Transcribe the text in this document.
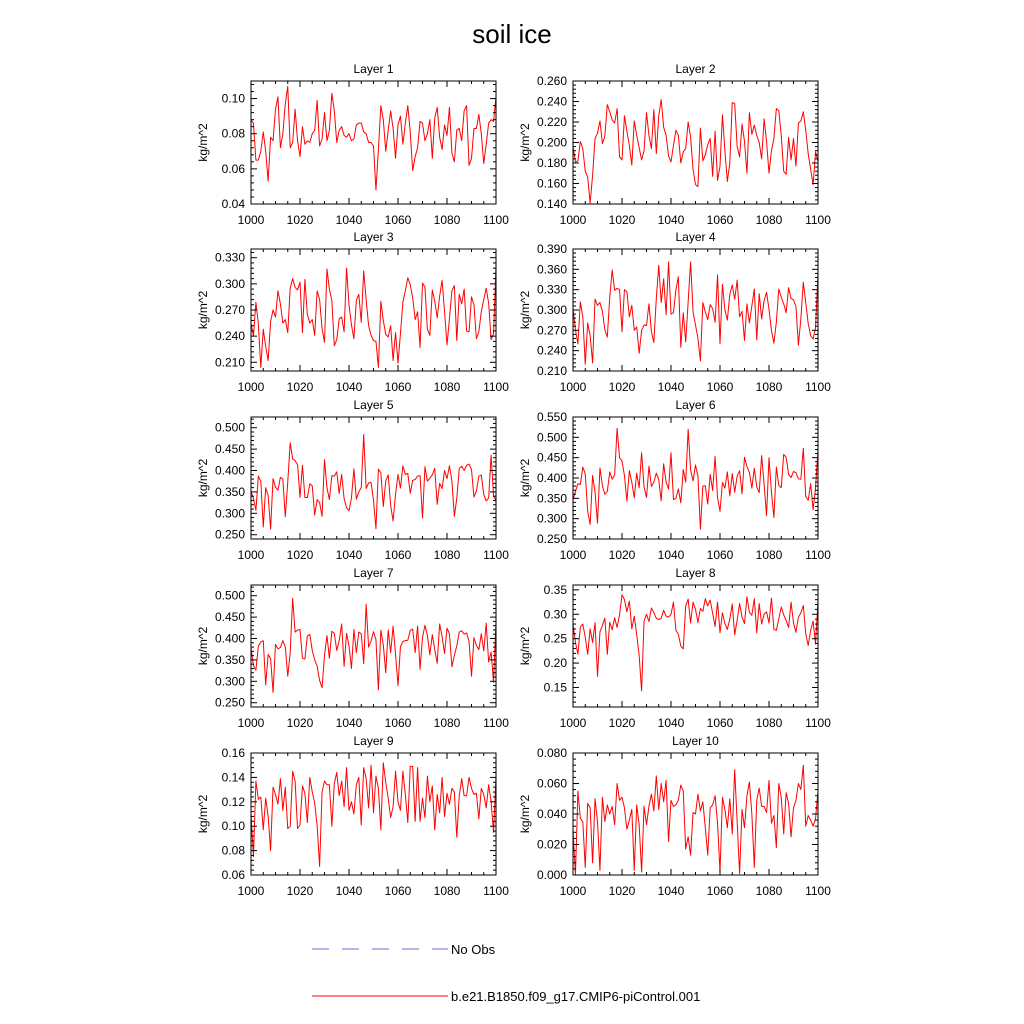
soil ice
1000 1020 1040 1060 1080 1100
0.04
0.06
0.08
0.10
Layer 1
kg/m^2
1000 1020 1040 1060 1080 1100
0.140
0.160
0.180
0.200
0.220
0.240
0.260
Layer 2
kg/m^2
1000 1020 1040 1060 1080 1100
0.210
0.240
0.270
0.300
0.330
Layer 3
kg/m^2
1000 1020 1040 1060 1080 1100
0.210
0.240
0.270
0.300
0.330
0.360
0.390
Layer 4
kg/m^2
1000 1020 1040 1060 1080 1100
0.250
0.300
0.350
0.400
0.450
0.500
Layer 5
kg/m^2
1000 1020 1040 1060 1080 1100
0.250
0.300
0.350
0.400
0.450
0.500
0.550
Layer 6
kg/m^2
1000 1020 1040 1060 1080 1100
0.250
0.300
0.350
0.400
0.450
0.500
Layer 7
kg/m^2
1000 1020 1040 1060 1080 1100
0.15
0.20
0.25
0.30
0.35
Layer 8
kg/m^2
1000 1020 1040 1060 1080 1100
0.06
0.08
0.10
0.12
0.14
0.16
Layer 9
kg/m^2
1000 1020 1040 1060 1080 1100
0.000
0.020
0.040
0.060
0.080
Layer 10
kg/m^2
No Obs
b.e21.B1850.f09_g17.CMIP6-piControl.001
